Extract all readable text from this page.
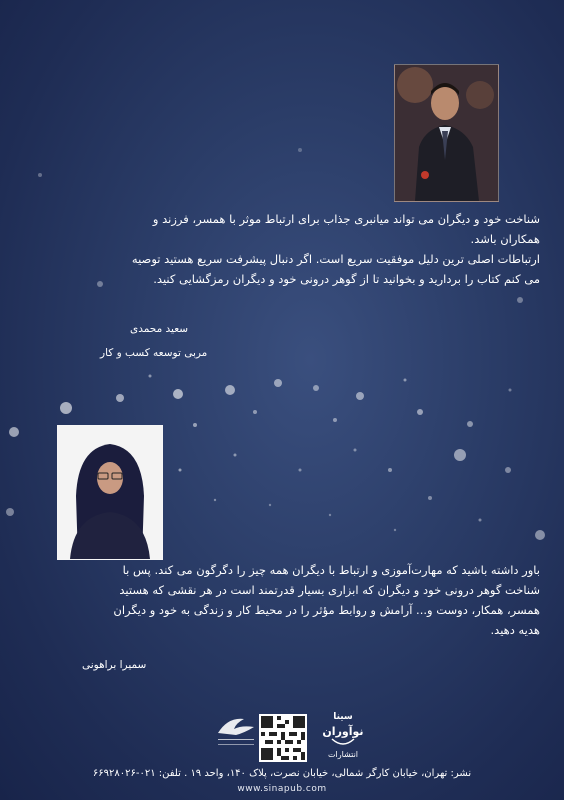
شناخت خود و دیگران می تواند میانبری جذاب برای ارتباط موثر با همسر، فرزند و
همکاران باشد.
ارتباطات اصلی ترین دلیل موفقیت سریع است. اگر دنبال پیشرفت سریع هستید توصیه
می کنم کتاب را بردارید و بخوانید تا از گوهر درونی خود و دیگران رمزگشایی کنید.
سعید محمدی
مربی توسعه کسب و کار
باور داشته باشید که مهارت‌آموزی و ارتباط با دیگران همه چیز را دگرگون می کند. پس با
شناخت گوهر درونی خود و دیگران که ابزاری بسیار قدرتمند است در هر نقشی که هستید
همسر، همکار، دوست و... آرامش و روابط مؤثر را در محیط کار و زندگی به خود و دیگران
هدیه دهید.
سمیرا براهونی
سینا
نوآوران
انتشارات
نشر: تهران، خیابان کارگر شمالی، خیابان نصرت، پلاک ۱۴۰، واحد ۱۹ . تلفن: ۰۲۱-۶۶۹۲۸۰۲۶
www.sinapub.com
